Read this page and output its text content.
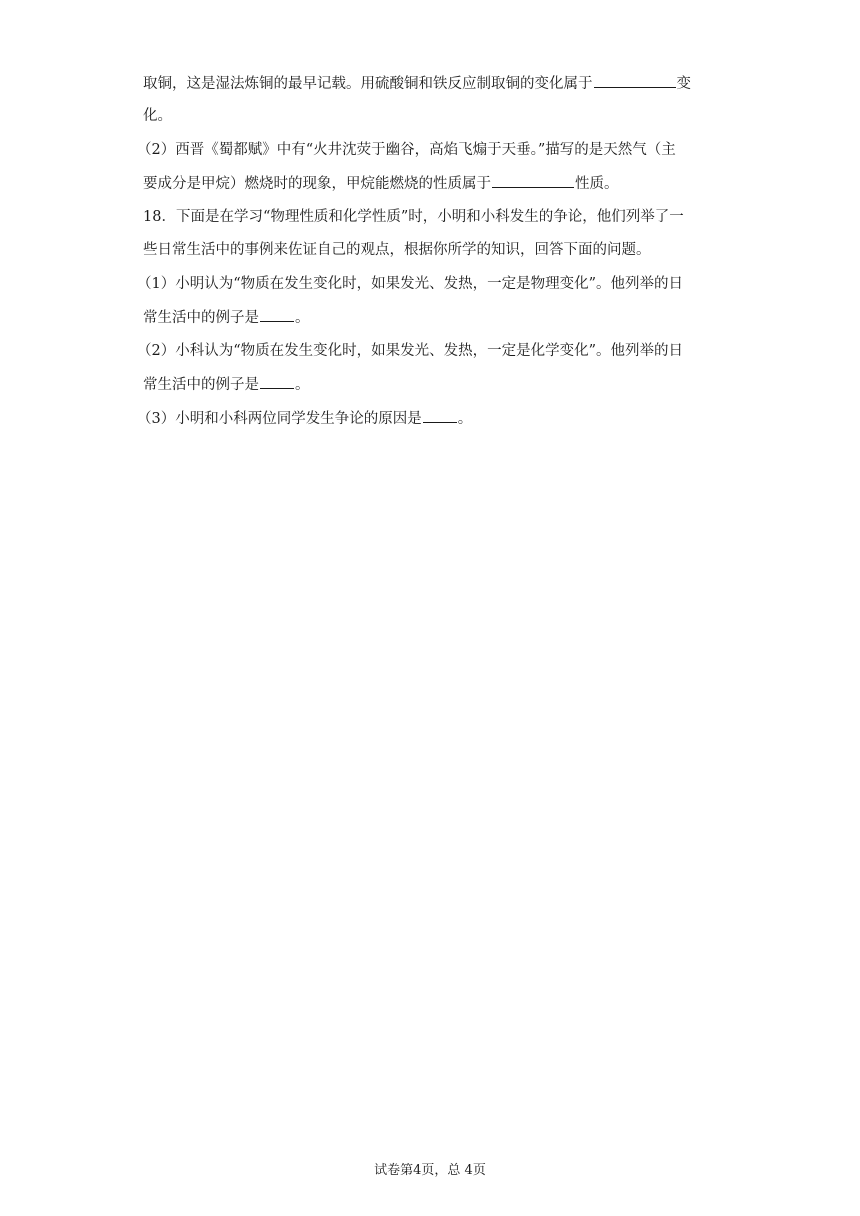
取铜，这是湿法炼铜的最早记载。用硫酸铜和铁反应制取铜的变化属于	变
化。
（2）西晋《蜀都赋》中有“火井沈荧于幽谷，高焰飞煽于天垂。”描写的是天然气（主
要成分是甲烷）燃烧时的现象，甲烷能燃烧的性质属于	性质。
18．下面是在学习“物理性质和化学性质”时，小明和小科发生的争论，他们列举了一
些日常生活中的事例来佐证自己的观点，根据你所学的知识，回答下面的问题。
（1）小明认为“物质在发生变化时，如果发光、发热，一定是物理变化”。他列举的日
常生活中的例子是 。
（2）小科认为“物质在发生变化时，如果发光、发热，一定是化学变化”。他列举的日
常生活中的例子是 。
（3）小明和小科两位同学发生争论的原因是 。
试卷第4页，总 4页
